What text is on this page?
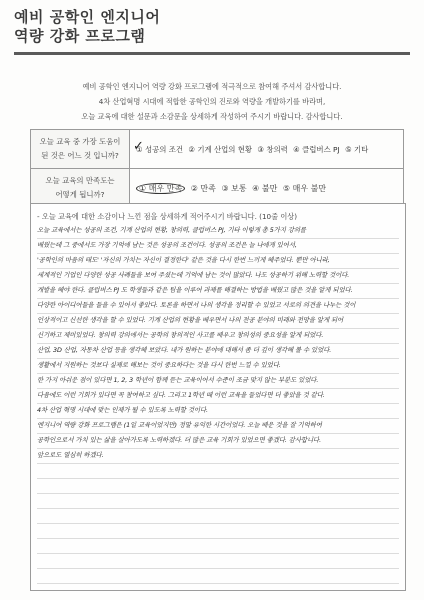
예비 공학인 엔지니어
역량 강화 프로그램
예비 공학인 엔지니어 역량 강화 프로그램에 적극적으로 참여해 주셔서 감사합니다.
4차 산업혁명 시대에 적합한 공학인의 진로와 역량을 개발하기를 바라며,
오늘 교육에 대한 설문과 소감문을 상세하게 작성하여 주시기 바랍니다. 감사합니다.
오늘 교육 중 가장 도움이
된 것은 어느 것 입니까?	✓ ① 성공의 조건 ② 기계 산업의 현황 ③ 창의력 ④ 클럽버스 PJ ⑤ 기타

오늘 교육의 만족도는
어떻게 됩니까?	① 매우 만족 ② 만족 ③ 보통 ④ 불만 ⑤ 매우 불만
- 오늘 교육에 대한 소감이나 느낀 점을 상세하게 적어주시기 바랍니다. (10줄 이상)
오늘 교육에서는 성공의 조건, 기계 산업의 현황, 창의력, 클럽버스 PJ, 기타 이렇게 총 5가지 강의를
배웠는데 그 중에서도 가장 기억에 남는 것은 성공의 조건이다. 성공의 조건은 늘 나에게 있어서,
'공학인의 마음의 태도' '자신의 가치는 자신이 결정한다' 같은 것을 다시 한번 느끼게 해주었다. 뿐만 아니라,
세계적인 기업인 다양한 성공 사례들을 보여 주셨는데 기억에 남는 것이 많았다. 나도 성공하기 위해 노력할 것이다.
개발을 해야 한다. 클럽버스 PJ 도 학생들과 같은 팀을 이루어 과제를 해결하는 방법을 배웠고 많은 것을 알게 되었다.
다양한 아이디어들을 들을 수 있어서 좋았다. 토론을 하면서 나의 생각을 정리할 수 있었고 서로의 의견을 나누는 것이
인상적이고 신선한 생각을 할 수 있었다. 기계 산업의 현황을 배우면서 나의 전공 분야의 미래와 전망을 알게 되어
신기하고 재미있었다. 창의력 강의에서는 공학의 창의적인 사고를 배우고 창의성의 중요성을 알게 되었다.
산업, 3D 산업, 자동차 산업 등을 생각해 보았다. 내가 원하는 분야에 대해서 좀 더 깊이 생각해 볼 수 있었다.
생활에서 지원하는 것보다 실제로 해보는 것이 중요하다는 것을 다시 한번 느낄 수 있었다.
한 가지 아쉬운 점이 있다면 1, 2, 3 학년이 함께 듣는 교육이어서 수준이 조금 맞지 않는 부분도 있었다.
다음에도 이런 기회가 있다면 꼭 참여하고 싶다. 그리고 1학년 때 이런 교육을 들었다면 더 좋았을 것 같다.
4차 산업 혁명 시대에 맞는 인재가 될 수 있도록 노력할 것이다.
엔지니어 역량 강화 프로그램은 (1일 교육이었지만) 정말 유익한 시간이었다. 오늘 배운 것을 잘 기억하여
공학인으로서 가치 있는 삶을 살아가도록 노력하겠다. 더 많은 교육 기회가 있었으면 좋겠다. 감사합니다.
앞으로도 열심히 하겠다.
